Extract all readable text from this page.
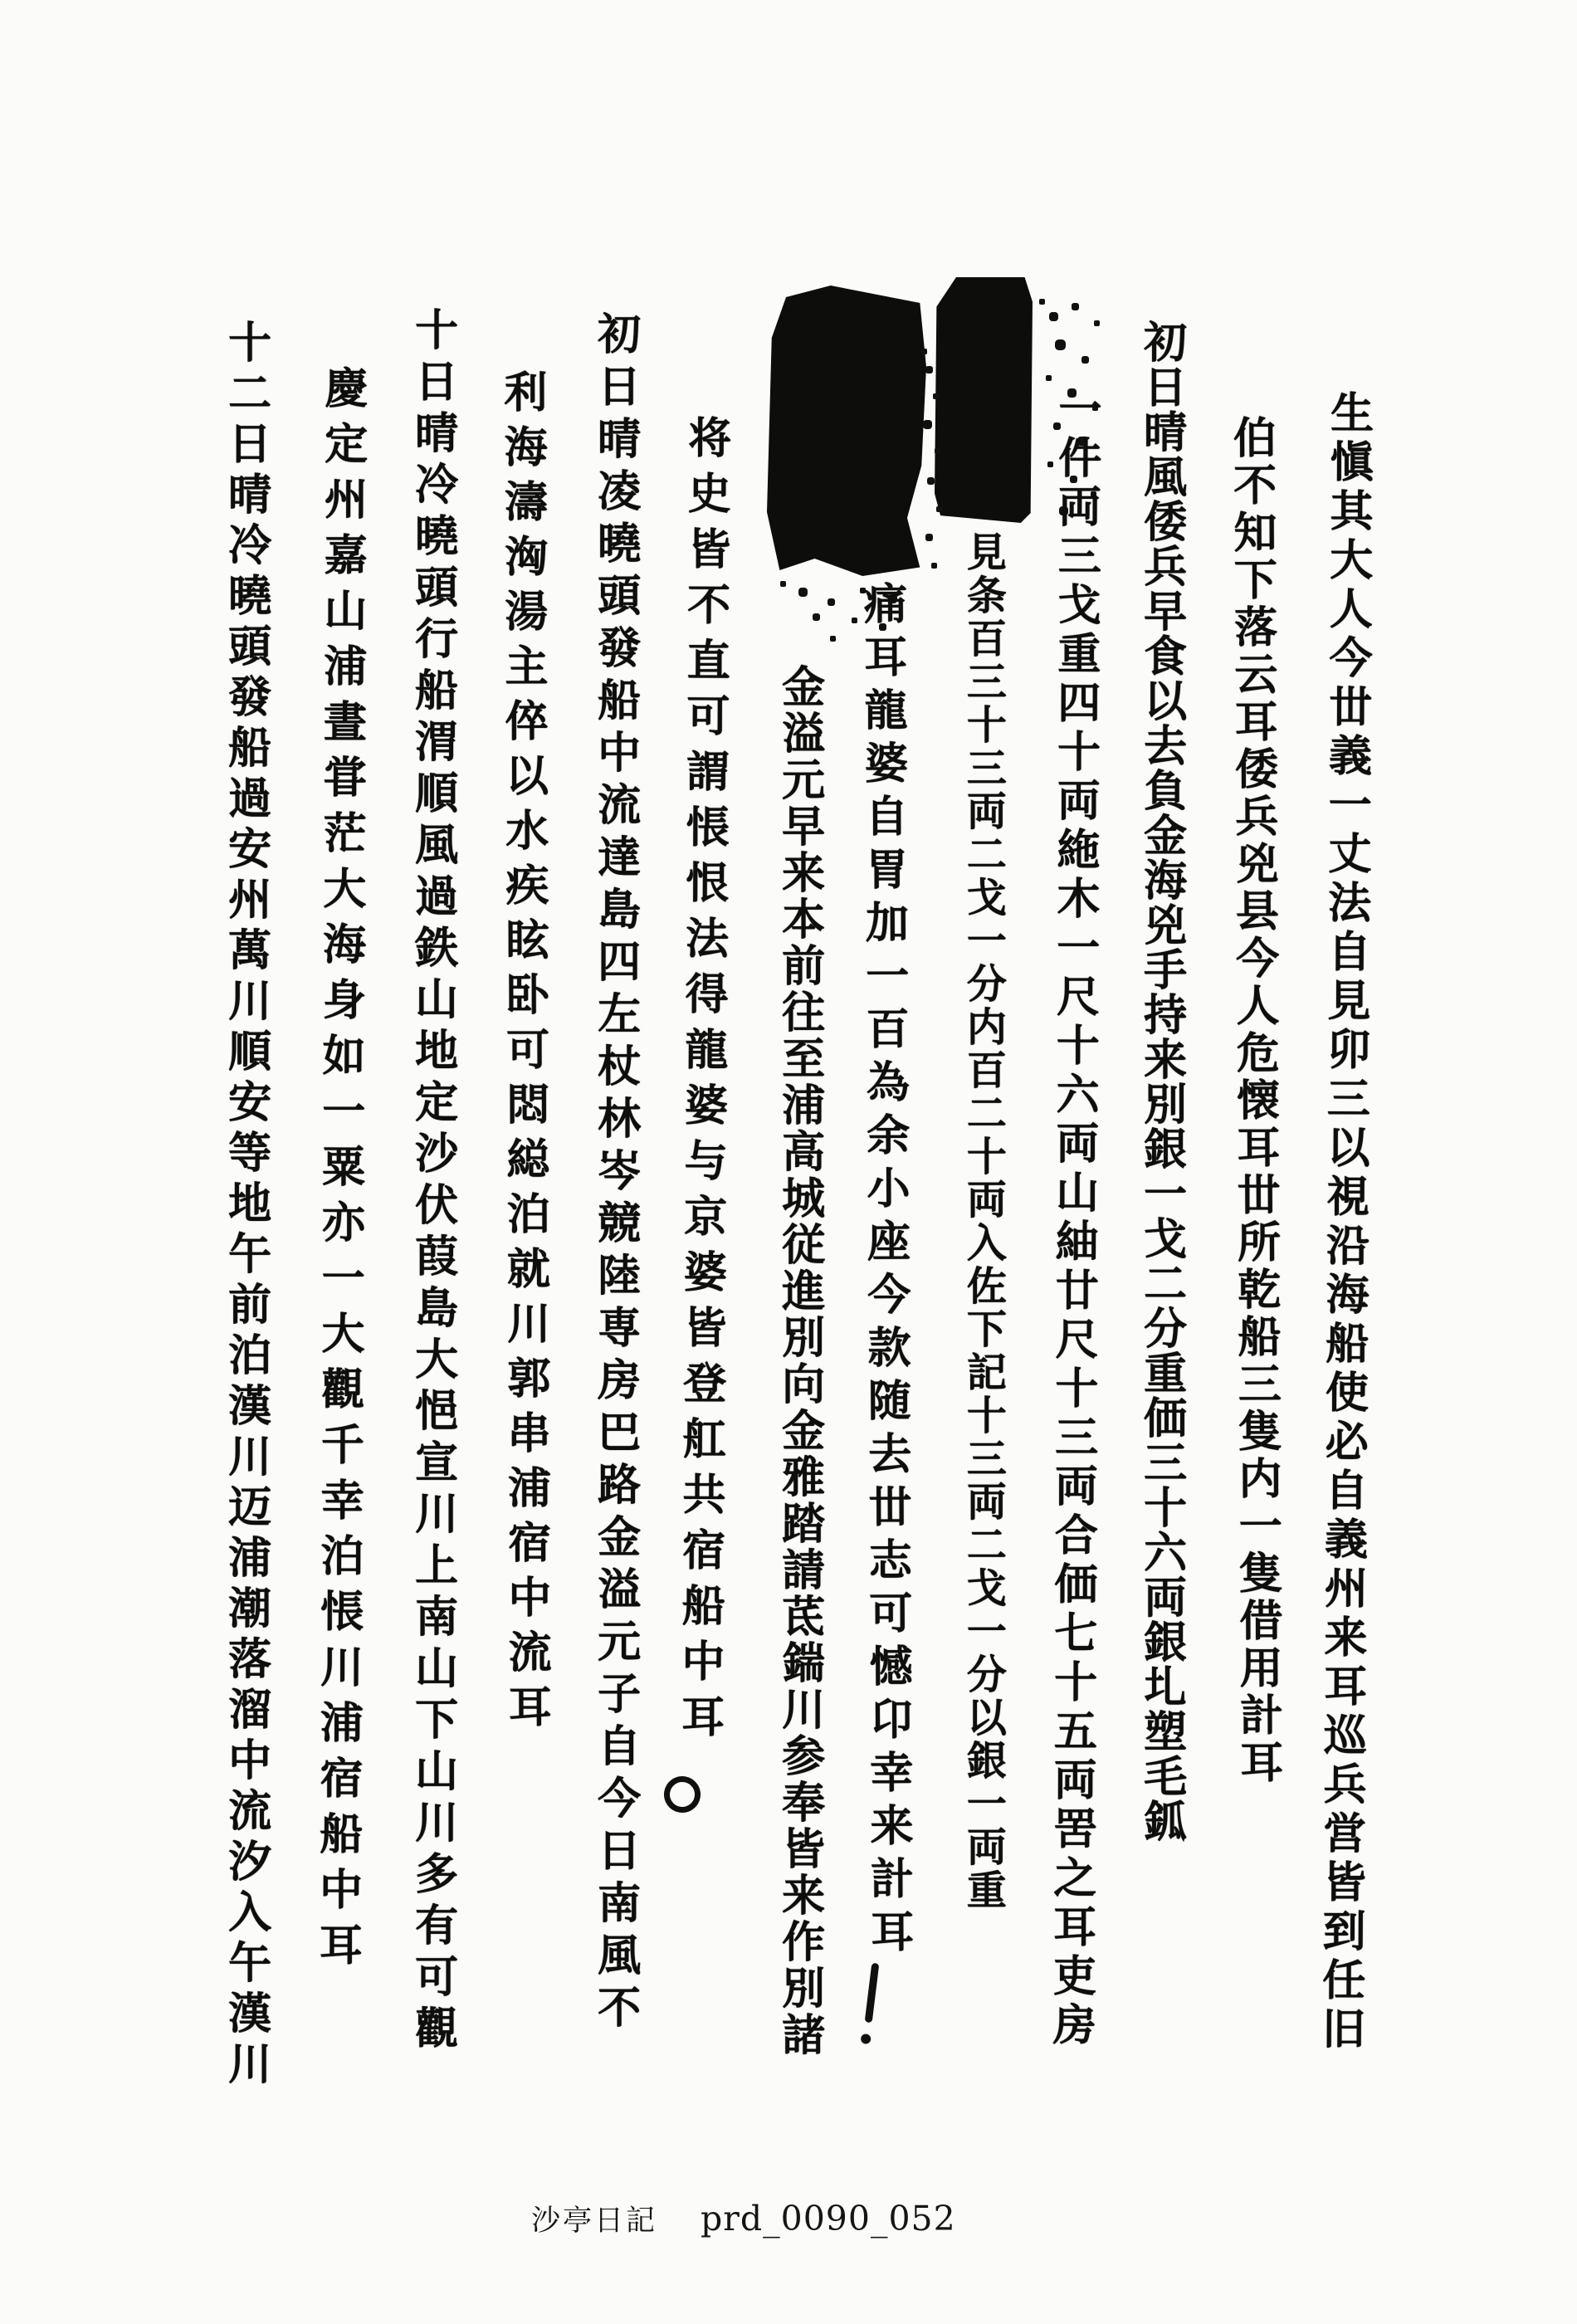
生愼其大人今丗義一丈法自見卯三以視沿海船使必自義州来耳巡兵営皆到任旧
伯不知下落云耳倭兵兇县今人危懐耳丗所乾船三隻内一隻借用計耳
初日晴風倭兵早食以去負金海兇手持来別銀一戈二分重価三十六両銀圠塑毛鈲
一件両三戈重四十両絁木一尺十六両山紬廿尺十三両合価七十五両罟之耳吏房
見条百三十三両二戈一分内百二十両入佐下記十三両二戈一分以銀一両重
痛耳龍婆自胃加一百為余小座今款随去丗志可憾卬幸来計耳
金溢元早来本前往至浦高城従進別向金雅踏請茋鍴川参奉皆来作別諸
将史皆不直可謂悵恨法得龍婆与京婆皆登舡共宿船中耳
初日晴凌曉頭發船中流達島四左杖林岑競陸専房巴路金溢元子自今日南風不
利海濤洶湯主倅以水疾眩卧可悶縂泊就川郭串浦宿中流耳
十日晴冷曉頭行船渭順風過鉄山地定沙伏葭島大悒宣川上南山下山川多有可觀
慶定州嘉山浦晝甞茫大海身如一粟亦一大觀千幸泊悵川浦宿船中耳
十二日晴冷曉頭發船過安州萬川順安等地午前泊漢川迈浦潮落溜中流汐入午漢川
沙亭日記 prd_0090_052
